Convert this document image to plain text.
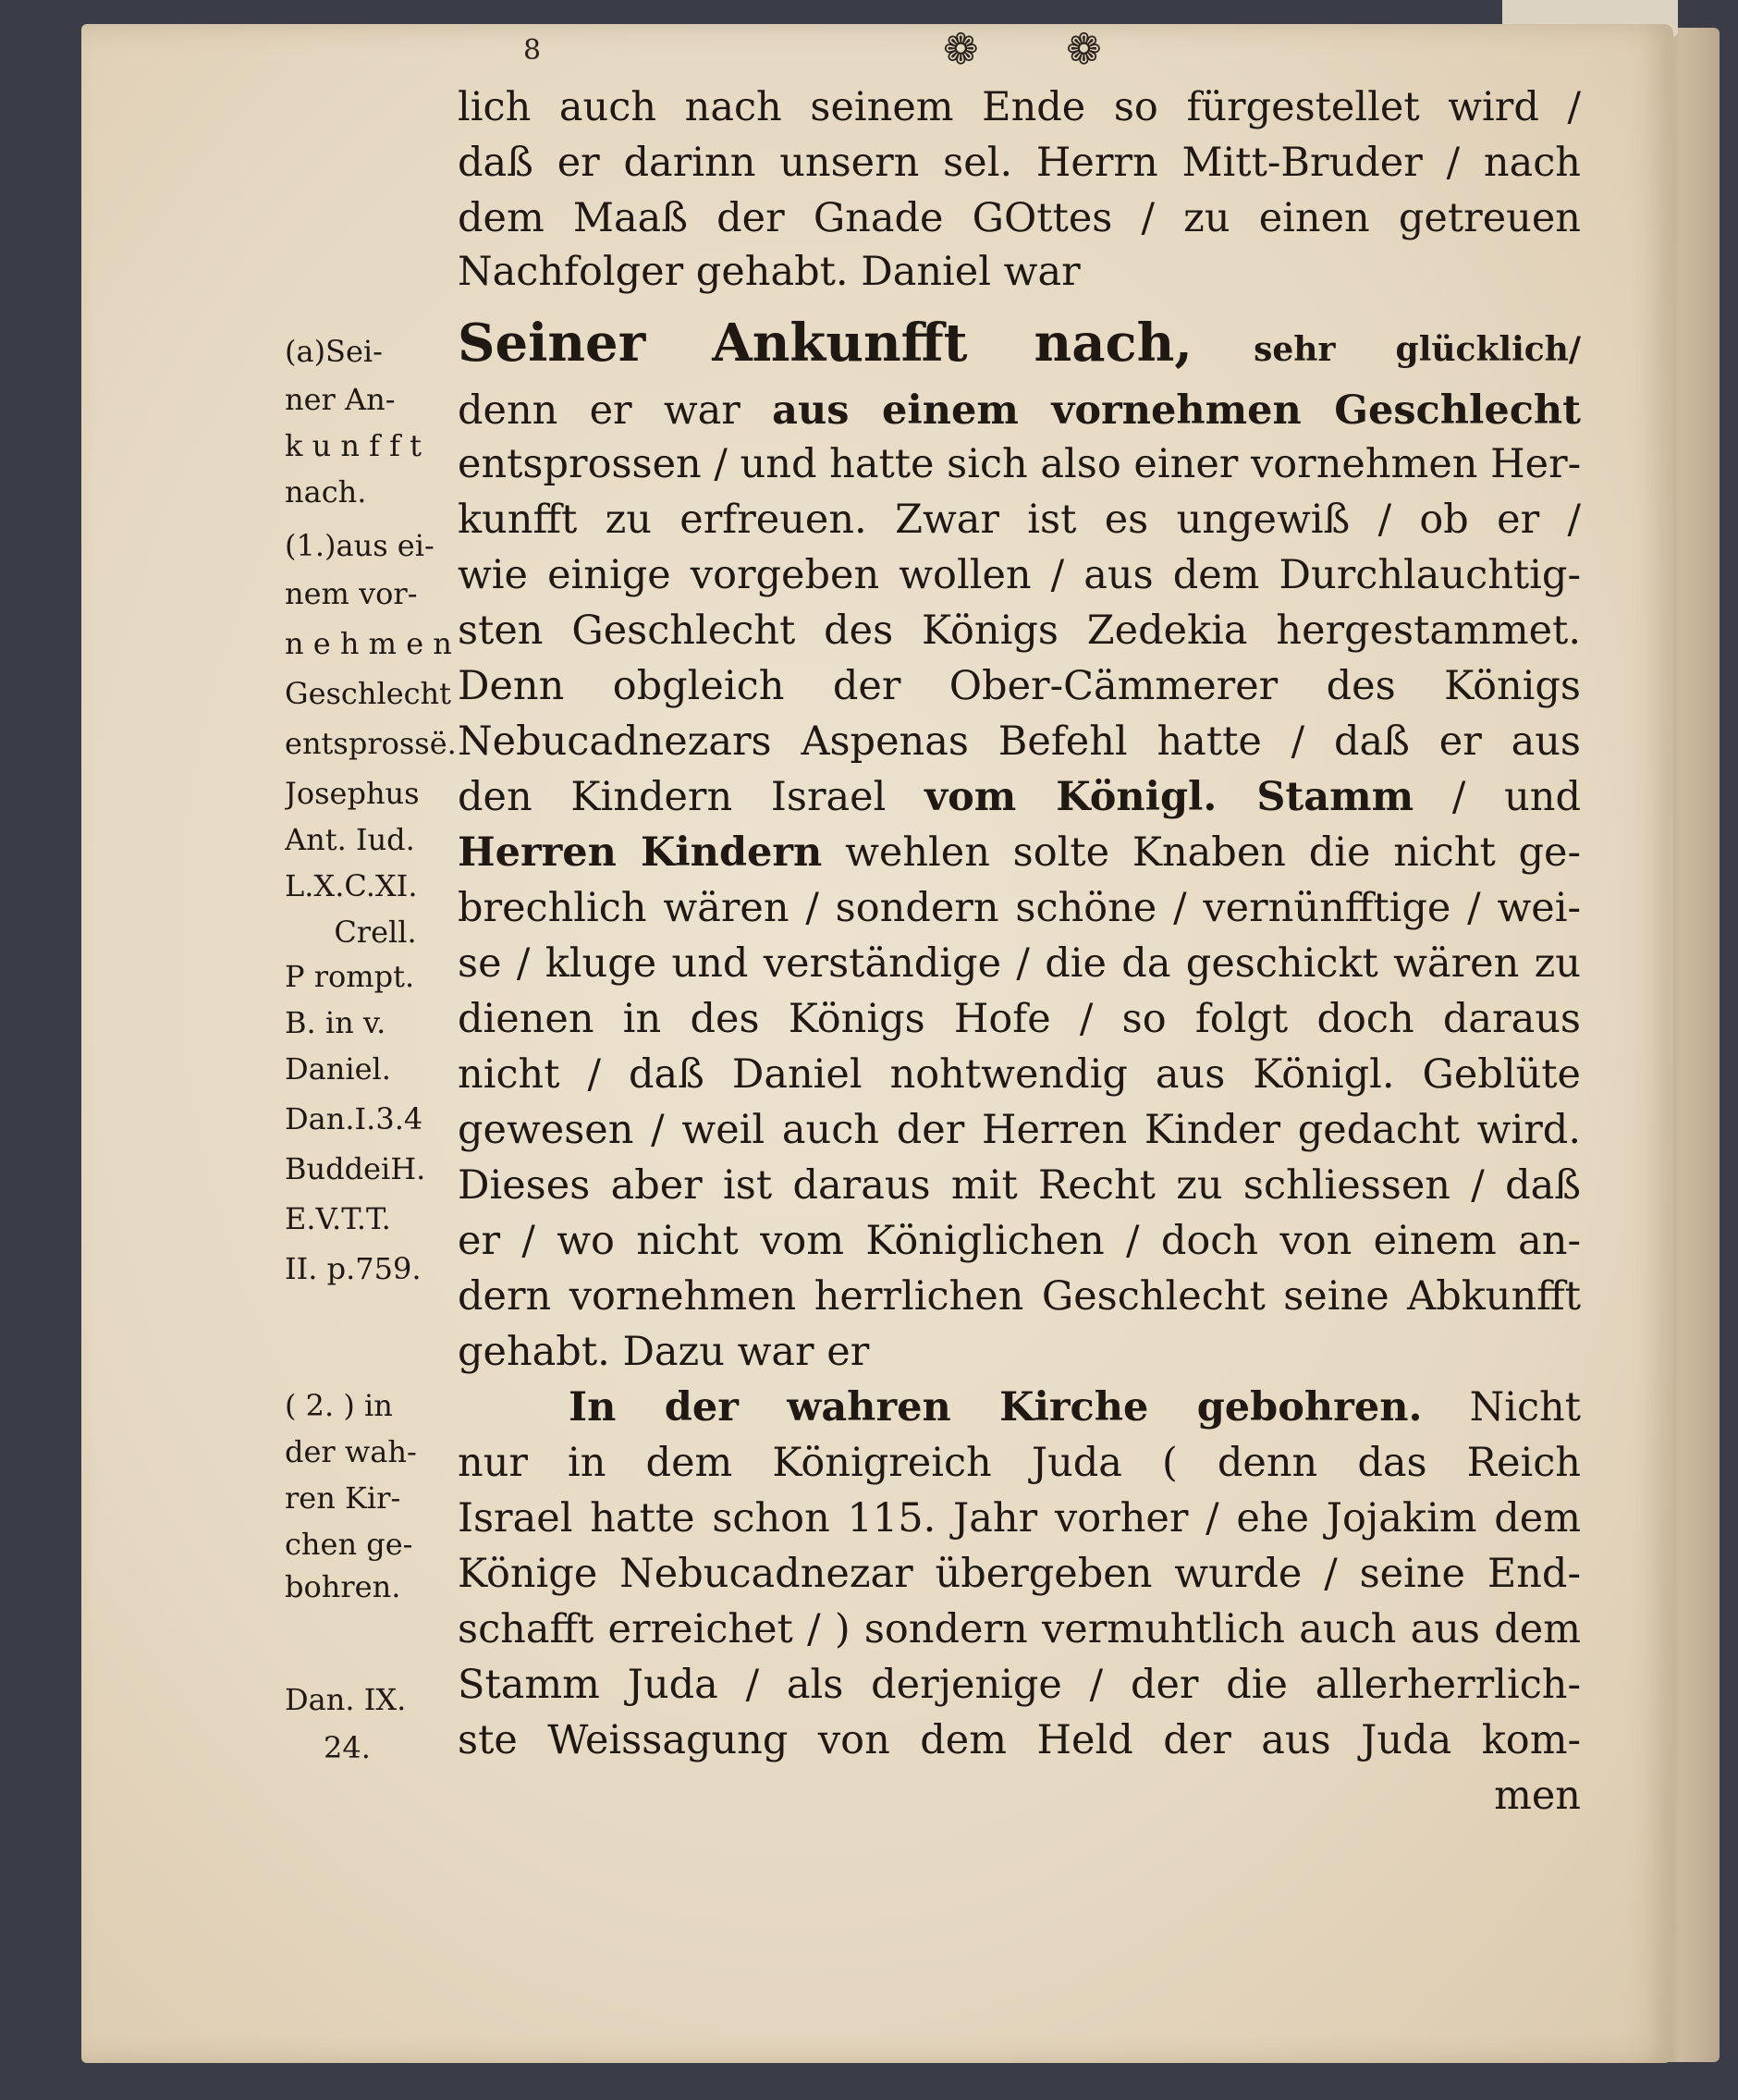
8	❁ ❁

lich auch nach seinem Ende so fürgestellet wird /

daß er darinn unsern sel. Herrn Mitt-Bruder / nach

dem Maaß der Gnade GOttes / zu einen getreuen

Nachfolger gehabt. Daniel war

Seiner Ankunfft nach, sehr glücklich/

denn er war aus einem vornehmen Geschlecht

entsprossen / und hatte sich also einer vornehmen Her-

kunfft zu erfreuen. Zwar ist es ungewiß / ob er /

wie einige vorgeben wollen / aus dem Durchlauchtig-

sten Geschlecht des Königs Zedekia hergestammet.

Denn obgleich der Ober-Cämmerer des Königs

Nebucadnezars Aspenas Befehl hatte / daß er aus

den Kindern Israel vom Königl. Stamm / und

Herren Kindern wehlen solte Knaben die nicht ge-

brechlich wären / sondern schöne / vernünfftige / wei-

se / kluge und verständige / die da geschickt wären zu

dienen in des Königs Hofe / so folgt doch daraus

nicht / daß Daniel nohtwendig aus Königl. Geblüte

gewesen / weil auch der Herren Kinder gedacht wird.

Dieses aber ist daraus mit Recht zu schliessen / daß

er / wo nicht vom Königlichen / doch von einem an-

dern vornehmen herrlichen Geschlecht seine Abkunfft

gehabt. Dazu war er

In der wahren Kirche gebohren. Nicht

nur in dem Königreich Juda ( denn das Reich

Israel hatte schon 115. Jahr vorher / ehe Jojakim dem

Könige Nebucadnezar übergeben wurde / seine End-

schafft erreichet / ) sondern vermuhtlich auch aus dem

Stamm Juda / als derjenige / der die allerherrlich-

ste Weissagung von dem Held der aus Juda kom-

men

(a)Sei-

ner An-

k u n f f t

nach.

(1.)aus ei-

nem vor-

n e h m e n

Geschlecht

entsprossë.

Josephus

Ant. Iud.

L.X.C.XI.

Crell.

P rompt.

B. in v.

Daniel.

Dan.I.3.4

BuddeiH.

E.V.T.T.

II. p.759.

( 2. ) in

der wah-

ren Kir-

chen ge-

bohren.

Dan. IX.

24.
